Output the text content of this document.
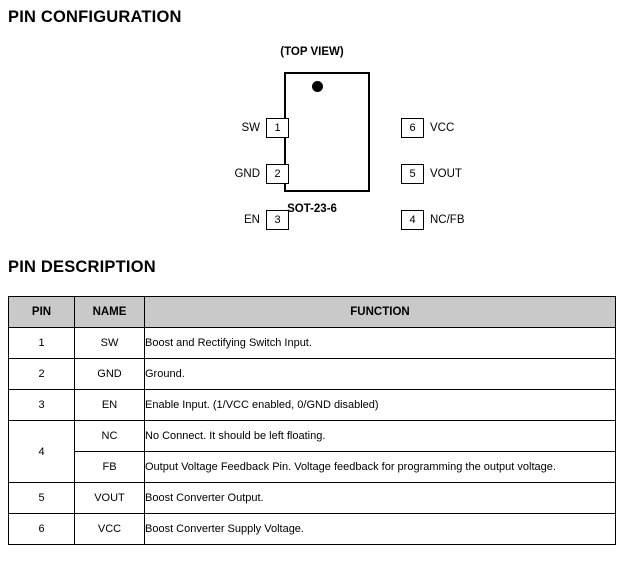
PIN CONFIGURATION
(TOP VIEW)
SW	1
GND	2
EN	3
6	VCC
5	VOUT
4	NC/FB
SOT-23-6
PIN DESCRIPTION
PIN	NAME	FUNCTION
1	SW	Boost and Rectifying Switch Input.
2	GND	Ground.
3	EN	Enable Input. (1/VCC enabled, 0/GND disabled)
4	NC	No Connect. It should be left floating.
	FB	Output Voltage Feedback Pin. Voltage feedback for programming the output voltage.
5	VOUT	Boost Converter Output.
6	VCC	Boost Converter Supply Voltage.
